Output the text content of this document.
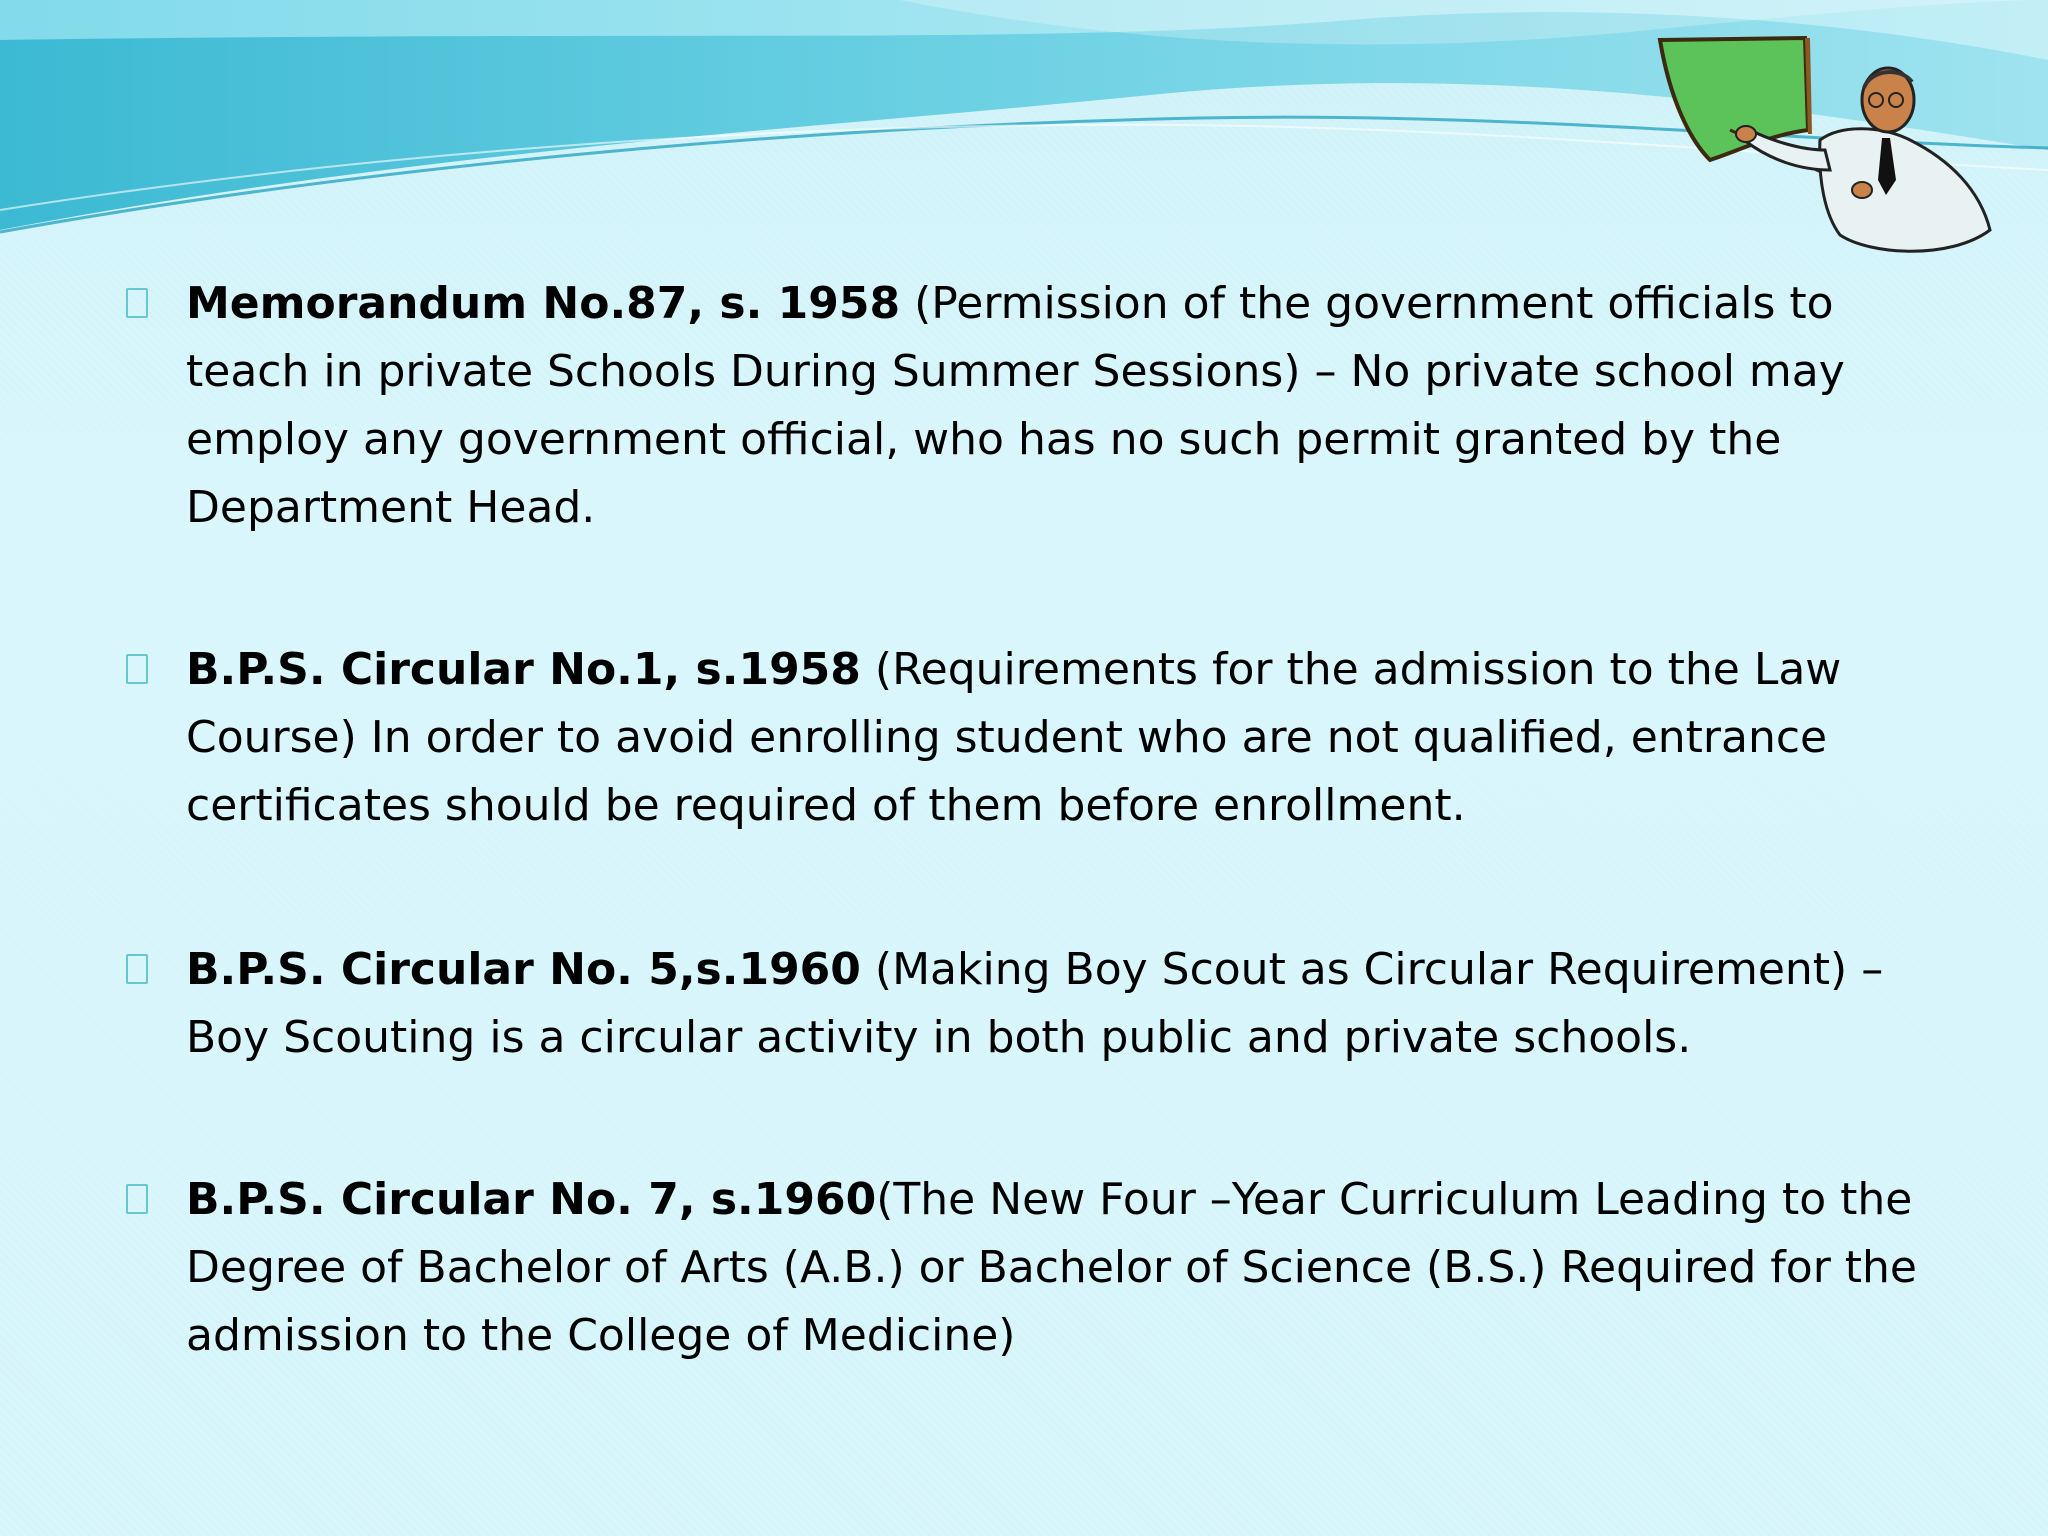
Memorandum No.87, s. 1958 (Permission of the government officials to teach in private Schools During Summer Sessions) – No private school may employ any government official, who has no such permit granted by the Department Head.

B.P.S. Circular No.1, s.1958 (Requirements for the admission to the Law Course) In order to avoid enrolling student who are not qualified, entrance certificates should be required of them before enrollment.

B.P.S. Circular No. 5,s.1960 (Making Boy Scout as Circular Requirement) – Boy Scouting is a circular activity in both public and private schools.

B.P.S. Circular No. 7, s.1960(The New Four –Year Curriculum Leading to the Degree of Bachelor of Arts (A.B.) or Bachelor of Science (B.S.) Required for the admission to the College of Medicine)
